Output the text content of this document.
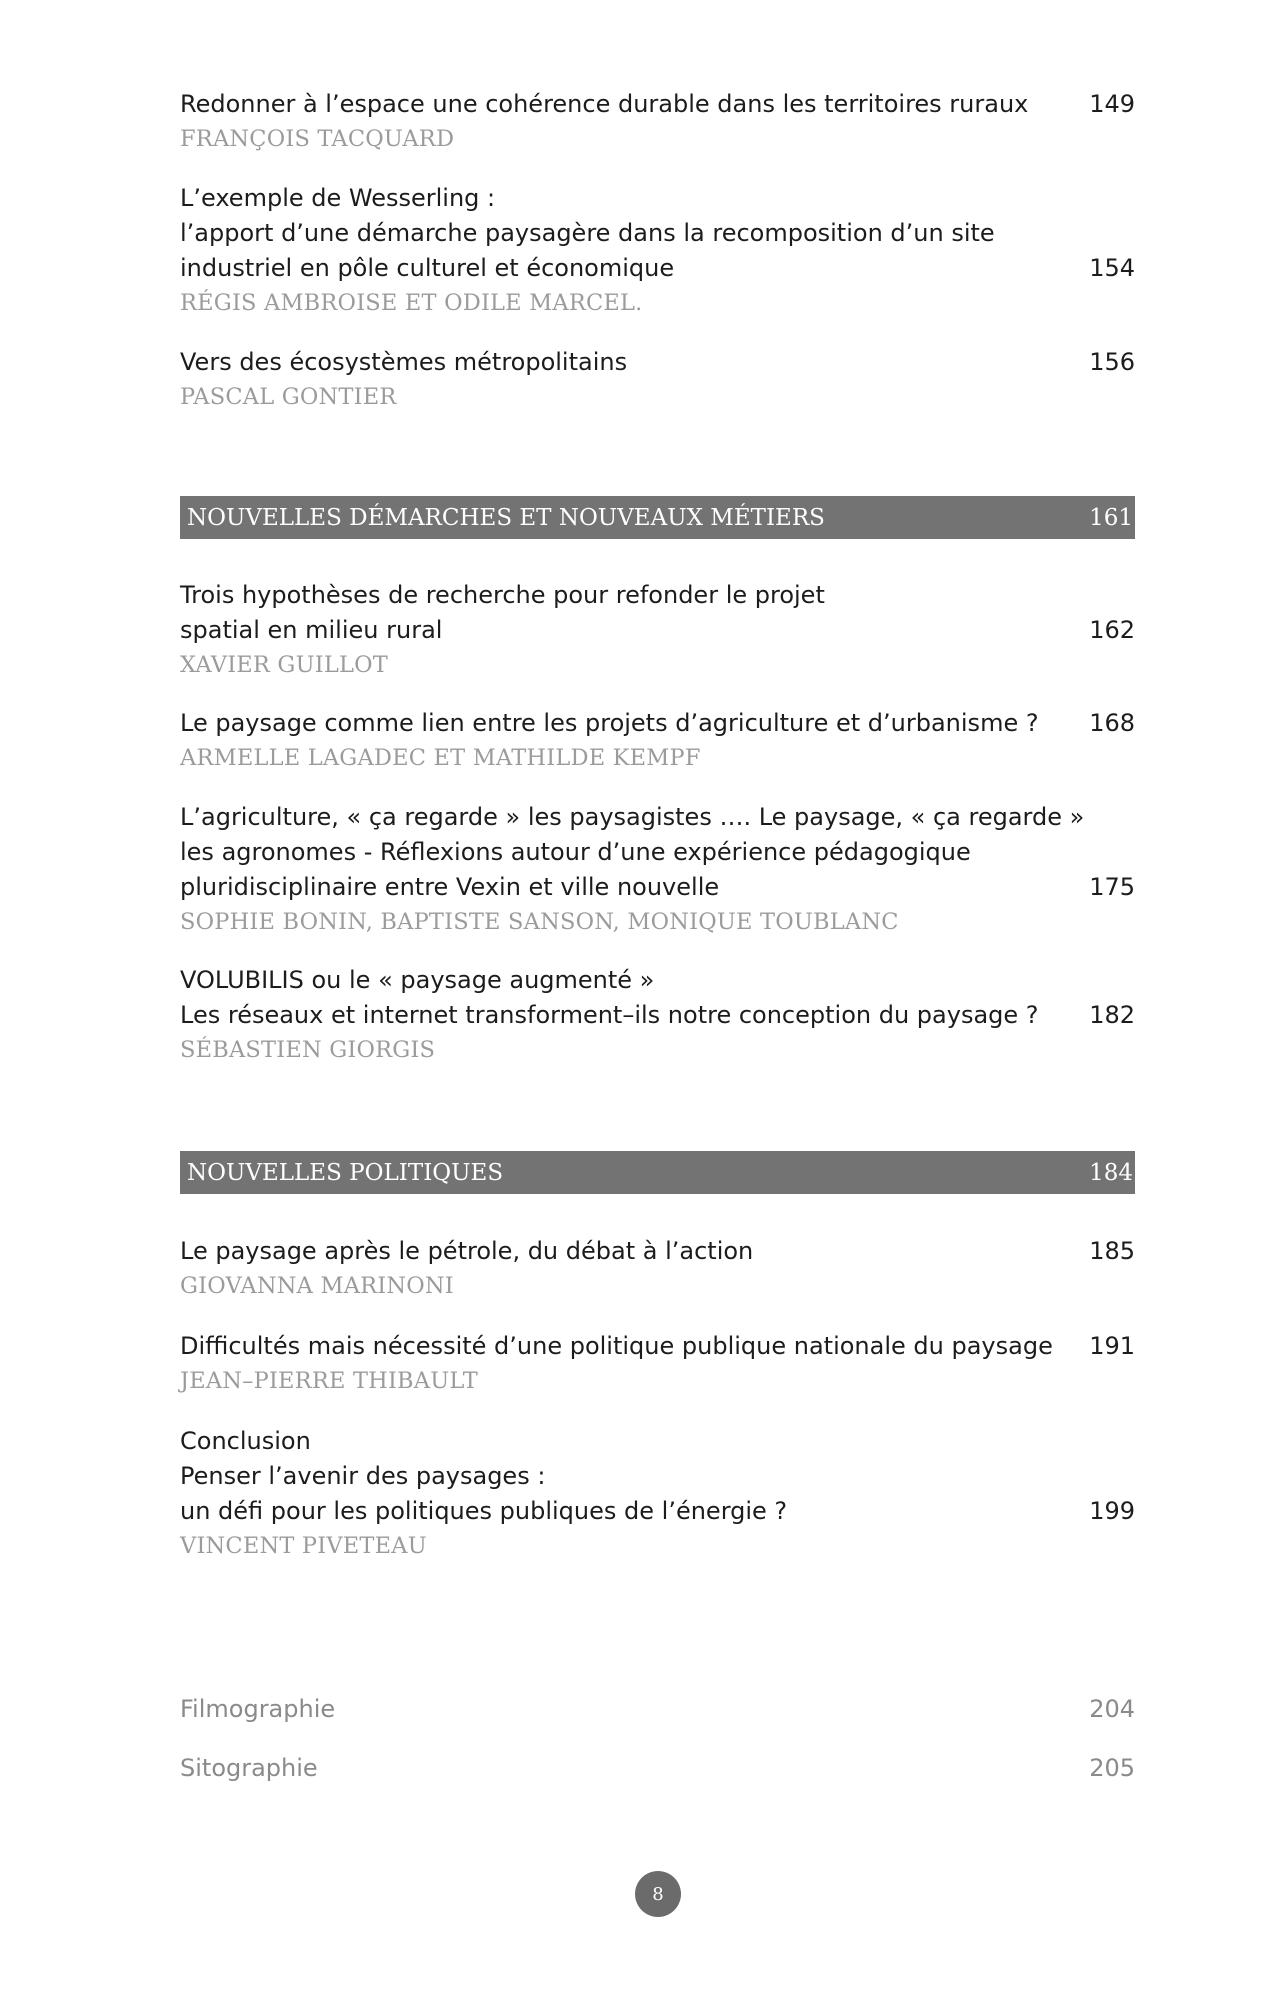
Redonner à l’espace une cohérence durable dans les territoires ruraux	149
FRANÇOIS TACQUARD
L’exemple de Wesserling :
l’apport d’une démarche paysagère dans la recomposition d’un site
industriel en pôle culturel et économique	154
RÉGIS AMBROISE ET ODILE MARCEL.
Vers des écosystèmes métropolitains	156
PASCAL GONTIER
NOUVELLES DÉMARCHES ET NOUVEAUX MÉTIERS	161
Trois hypothèses de recherche pour refonder le projet
spatial en milieu rural	162
XAVIER GUILLOT
Le paysage comme lien entre les projets d’agriculture et d’urbanisme ?	168
ARMELLE LAGADEC ET MATHILDE KEMPF
L’agriculture, « ça regarde » les paysagistes …. Le paysage, « ça regarde »
les agronomes - Réflexions autour d’une expérience pédagogique
pluridisciplinaire entre Vexin et ville nouvelle	175
SOPHIE BONIN, BAPTISTE SANSON, MONIQUE TOUBLANC
VOLUBILIS ou le « paysage augmenté »
Les réseaux et internet transforment–ils notre conception du paysage ?	182
SÉBASTIEN GIORGIS
NOUVELLES POLITIQUES	184
Le paysage après le pétrole, du débat à l’action	185
GIOVANNA MARINONI
Difficultés mais nécessité d’une politique publique nationale du paysage	191
JEAN–PIERRE THIBAULT
Conclusion
Penser l’avenir des paysages :
un défi pour les politiques publiques de l’énergie ?	199
VINCENT PIVETEAU
Filmographie	204
Sitographie	205
8
